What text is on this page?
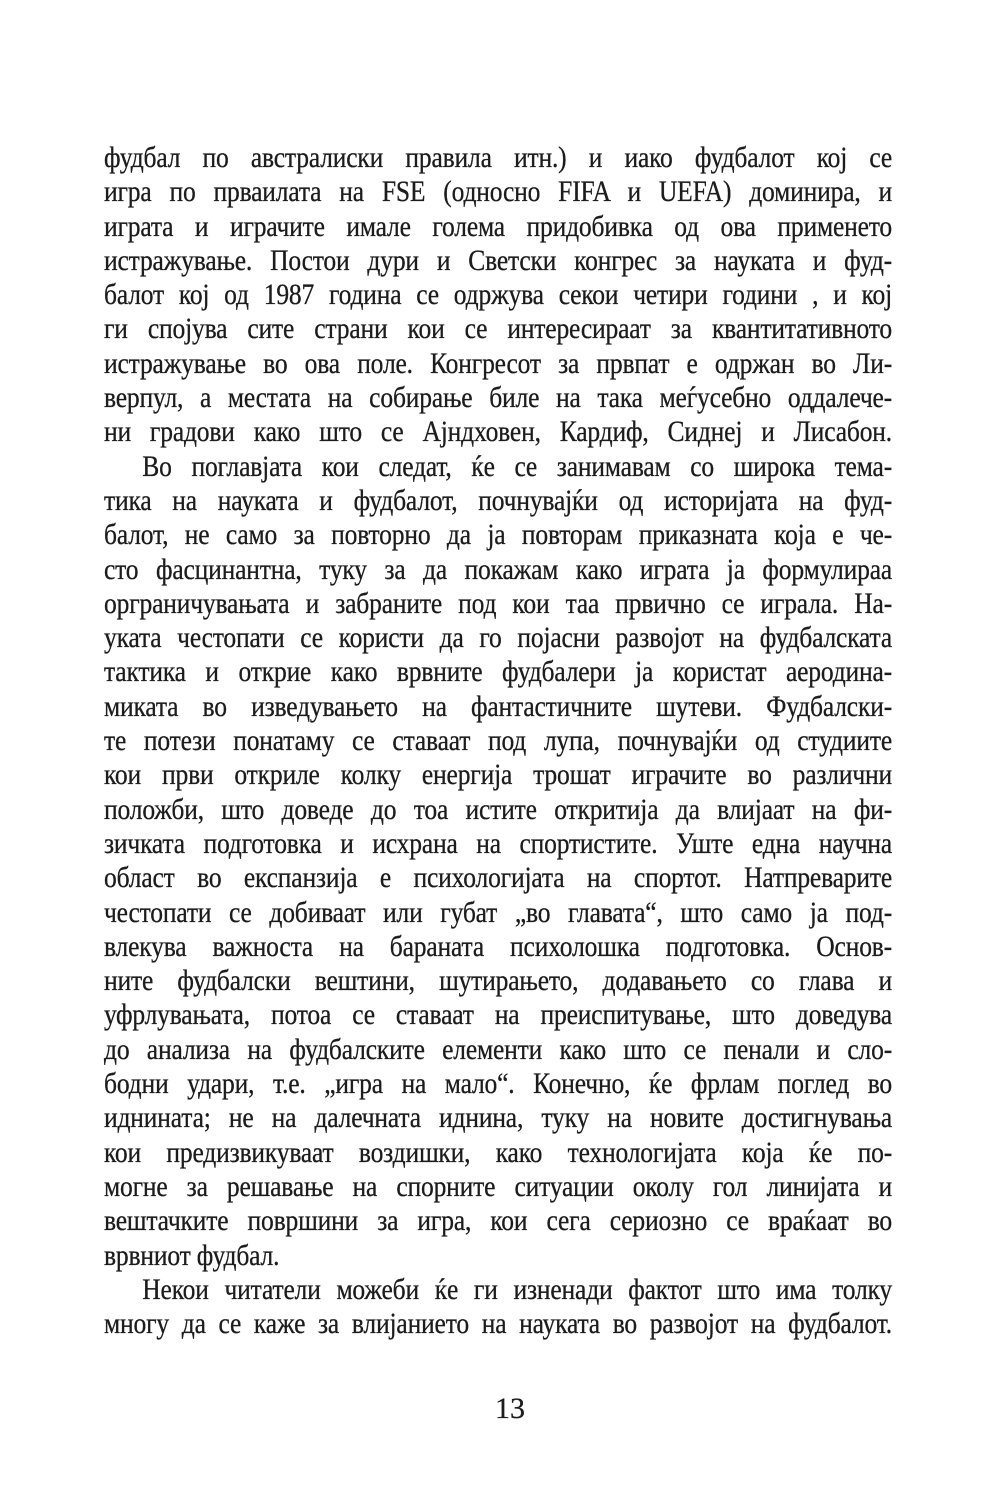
фудбал по австралиски правила итн.) и иако фудбалот кој се
игра по прваилата на FSE (односно FIFA и UEFA) доминира, и
играта и играчите имале голема придобивка од ова применето
истражување. Постои дури и Светски конгрес за науката и фуд-
балот кој од 1987 година се одржува секои четири години , и кој
ги спојува сите страни кои се интересираат за квантитативното
истражување во ова поле. Конгресот за првпат е одржан во Ли-
верпул, а местата на собирање биле на така меѓусебно оддалече-
ни градови како што се Ајндховен, Кардиф, Сиднеј и Лисабон.
Во поглавјата кои следат, ќе се занимавам со широка тема-
тика на науката и фудбалот, почнувајќи од историјата на фуд-
балот, не само за повторно да ја повторам приказната која е че-
сто фасцинантна, туку за да покажам како играта ја формулираа
орграничувањата и забраните под кои таа првично се играла. На-
уката честопати се користи да го појасни развојот на фудбалската
тактика и открие како врвните фудбалери ја користат аеродина-
миката во изведувањето на фантастичните шутеви. Фудбалски-
те потези понатаму се ставаат под лупа, почнувајќи од студиите
кои први откриле колку енергија трошат играчите во различни
положби, што доведе до тоа истите откритија да влијаат на фи-
зичката подготовка и исхрана на спортистите. Уште една научна
област во експанзија е психологијата на спортот. Натпреварите
честопати се добиваат или губат „во главата“, што само ја под-
влекува важноста на бараната психолошка подготовка. Основ-
ните фудбалски вештини, шутирањето, додавањето со глава и
уфрлувањата, потоа се ставаат на преиспитување, што доведува
до анализа на фудбалските елементи како што се пенали и сло-
бодни удари, т.е. „игра на мало“. Конечно, ќе фрлам поглед во
иднината; не на далечната иднина, туку на новите достигнувања
кои предизвикуваат воздишки, како технологијата која ќе по-
могне за решавање на спорните ситуации околу гол линијата и
вештачките површини за игра, кои сега сериозно се враќаат во
врвниот фудбал.
Некои читатели можеби ќе ги изненади фактот што има толку
многу да се каже за влијанието на науката во развојот на фудбалот.
13
